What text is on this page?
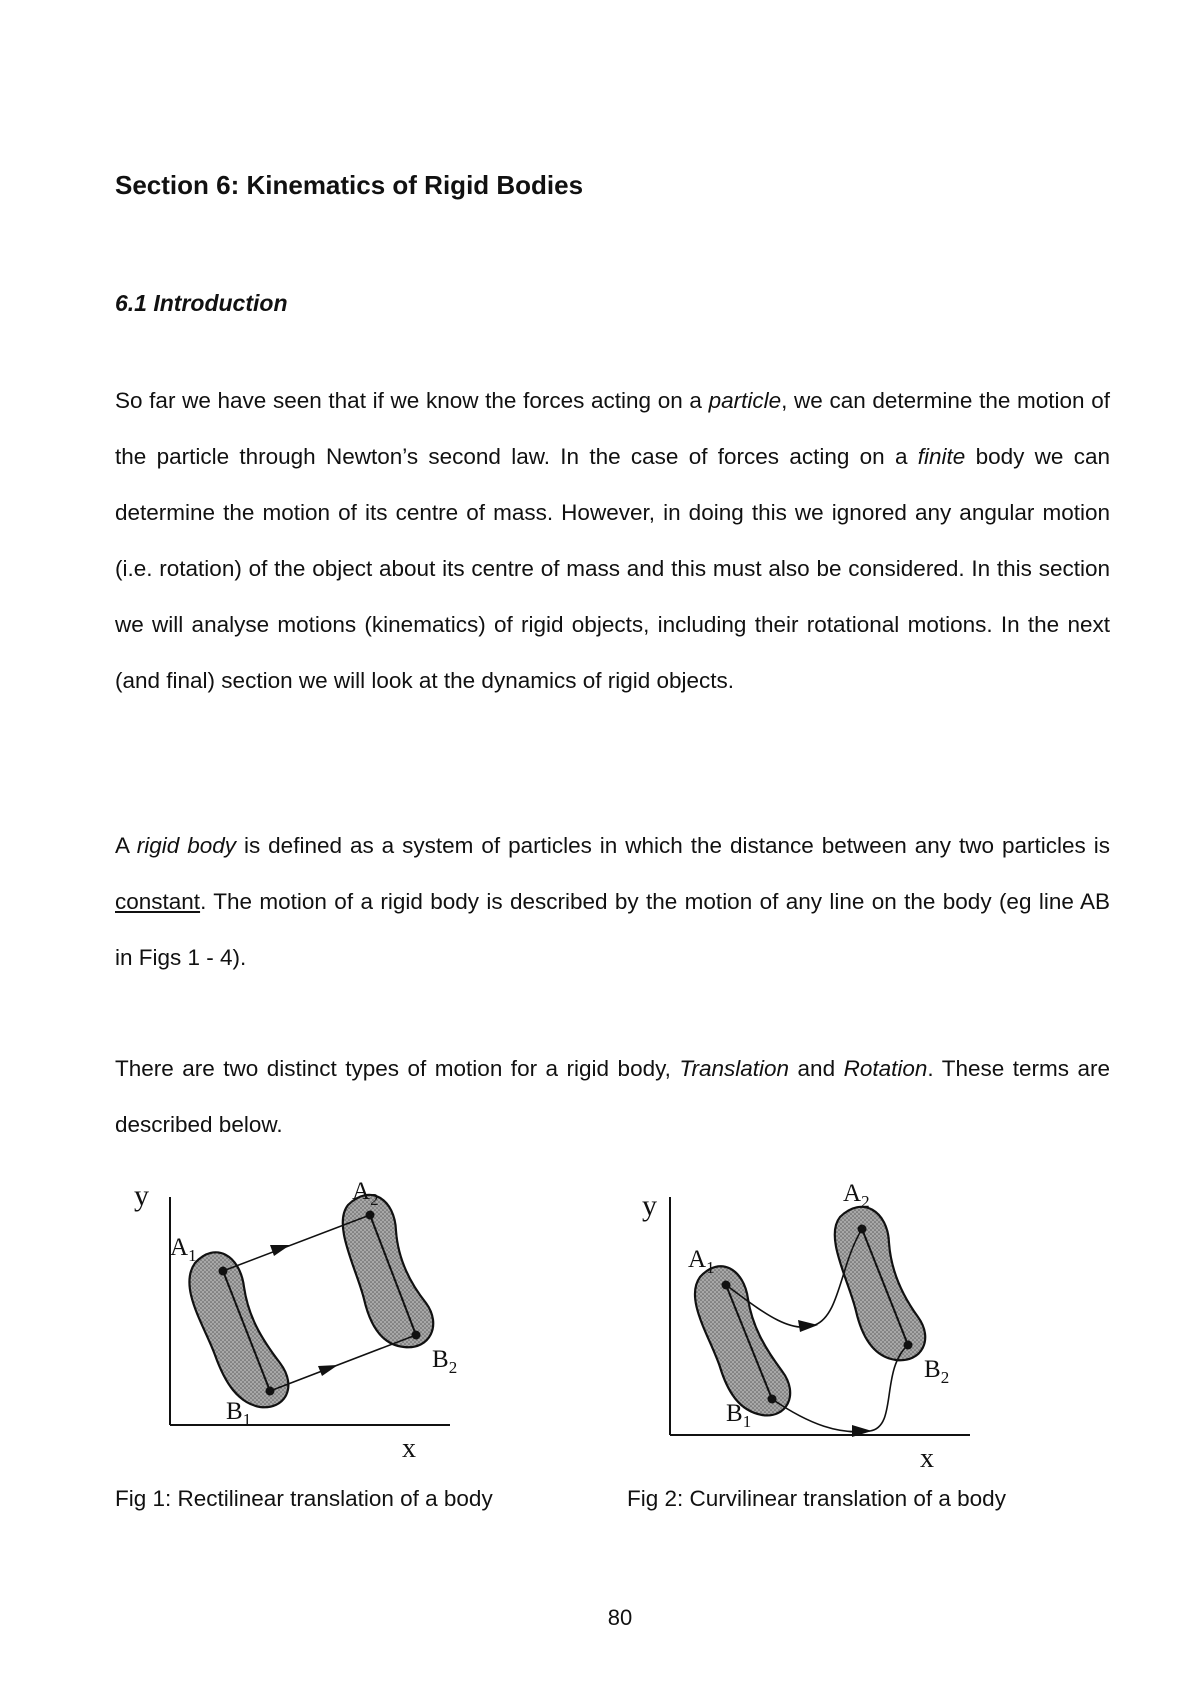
Section 6: Kinematics of Rigid Bodies
6.1 Introduction

So far we have seen that if we know the forces acting on a particle, we can determine the motion of the particle through Newton’s second law. In the case of forces acting on a finite body we can determine the motion of its centre of mass. However, in doing this we ignored any angular motion (i.e. rotation) of the object about its centre of mass and this must also be considered. In this section we will analyse motions (kinematics) of rigid objects, including their rotational motions. In the next (and final) section we will look at the dynamics of rigid objects.

A rigid body is defined as a system of particles in which the distance between any two particles is constant. The motion of a rigid body is described by the motion of any line on the body (eg line AB in Figs 1 - 4).

There are two distinct types of motion for a rigid body, Translation and Rotation. These terms are described below.

y
x
$A_1$
$B_1$
$A_2$
$B_2$
y
x
$A_1$
$B_1$
$A_2$
$B_2$

Fig 1: Rectilinear translation of a body	Fig 2: Curvilinear translation of a body

80
